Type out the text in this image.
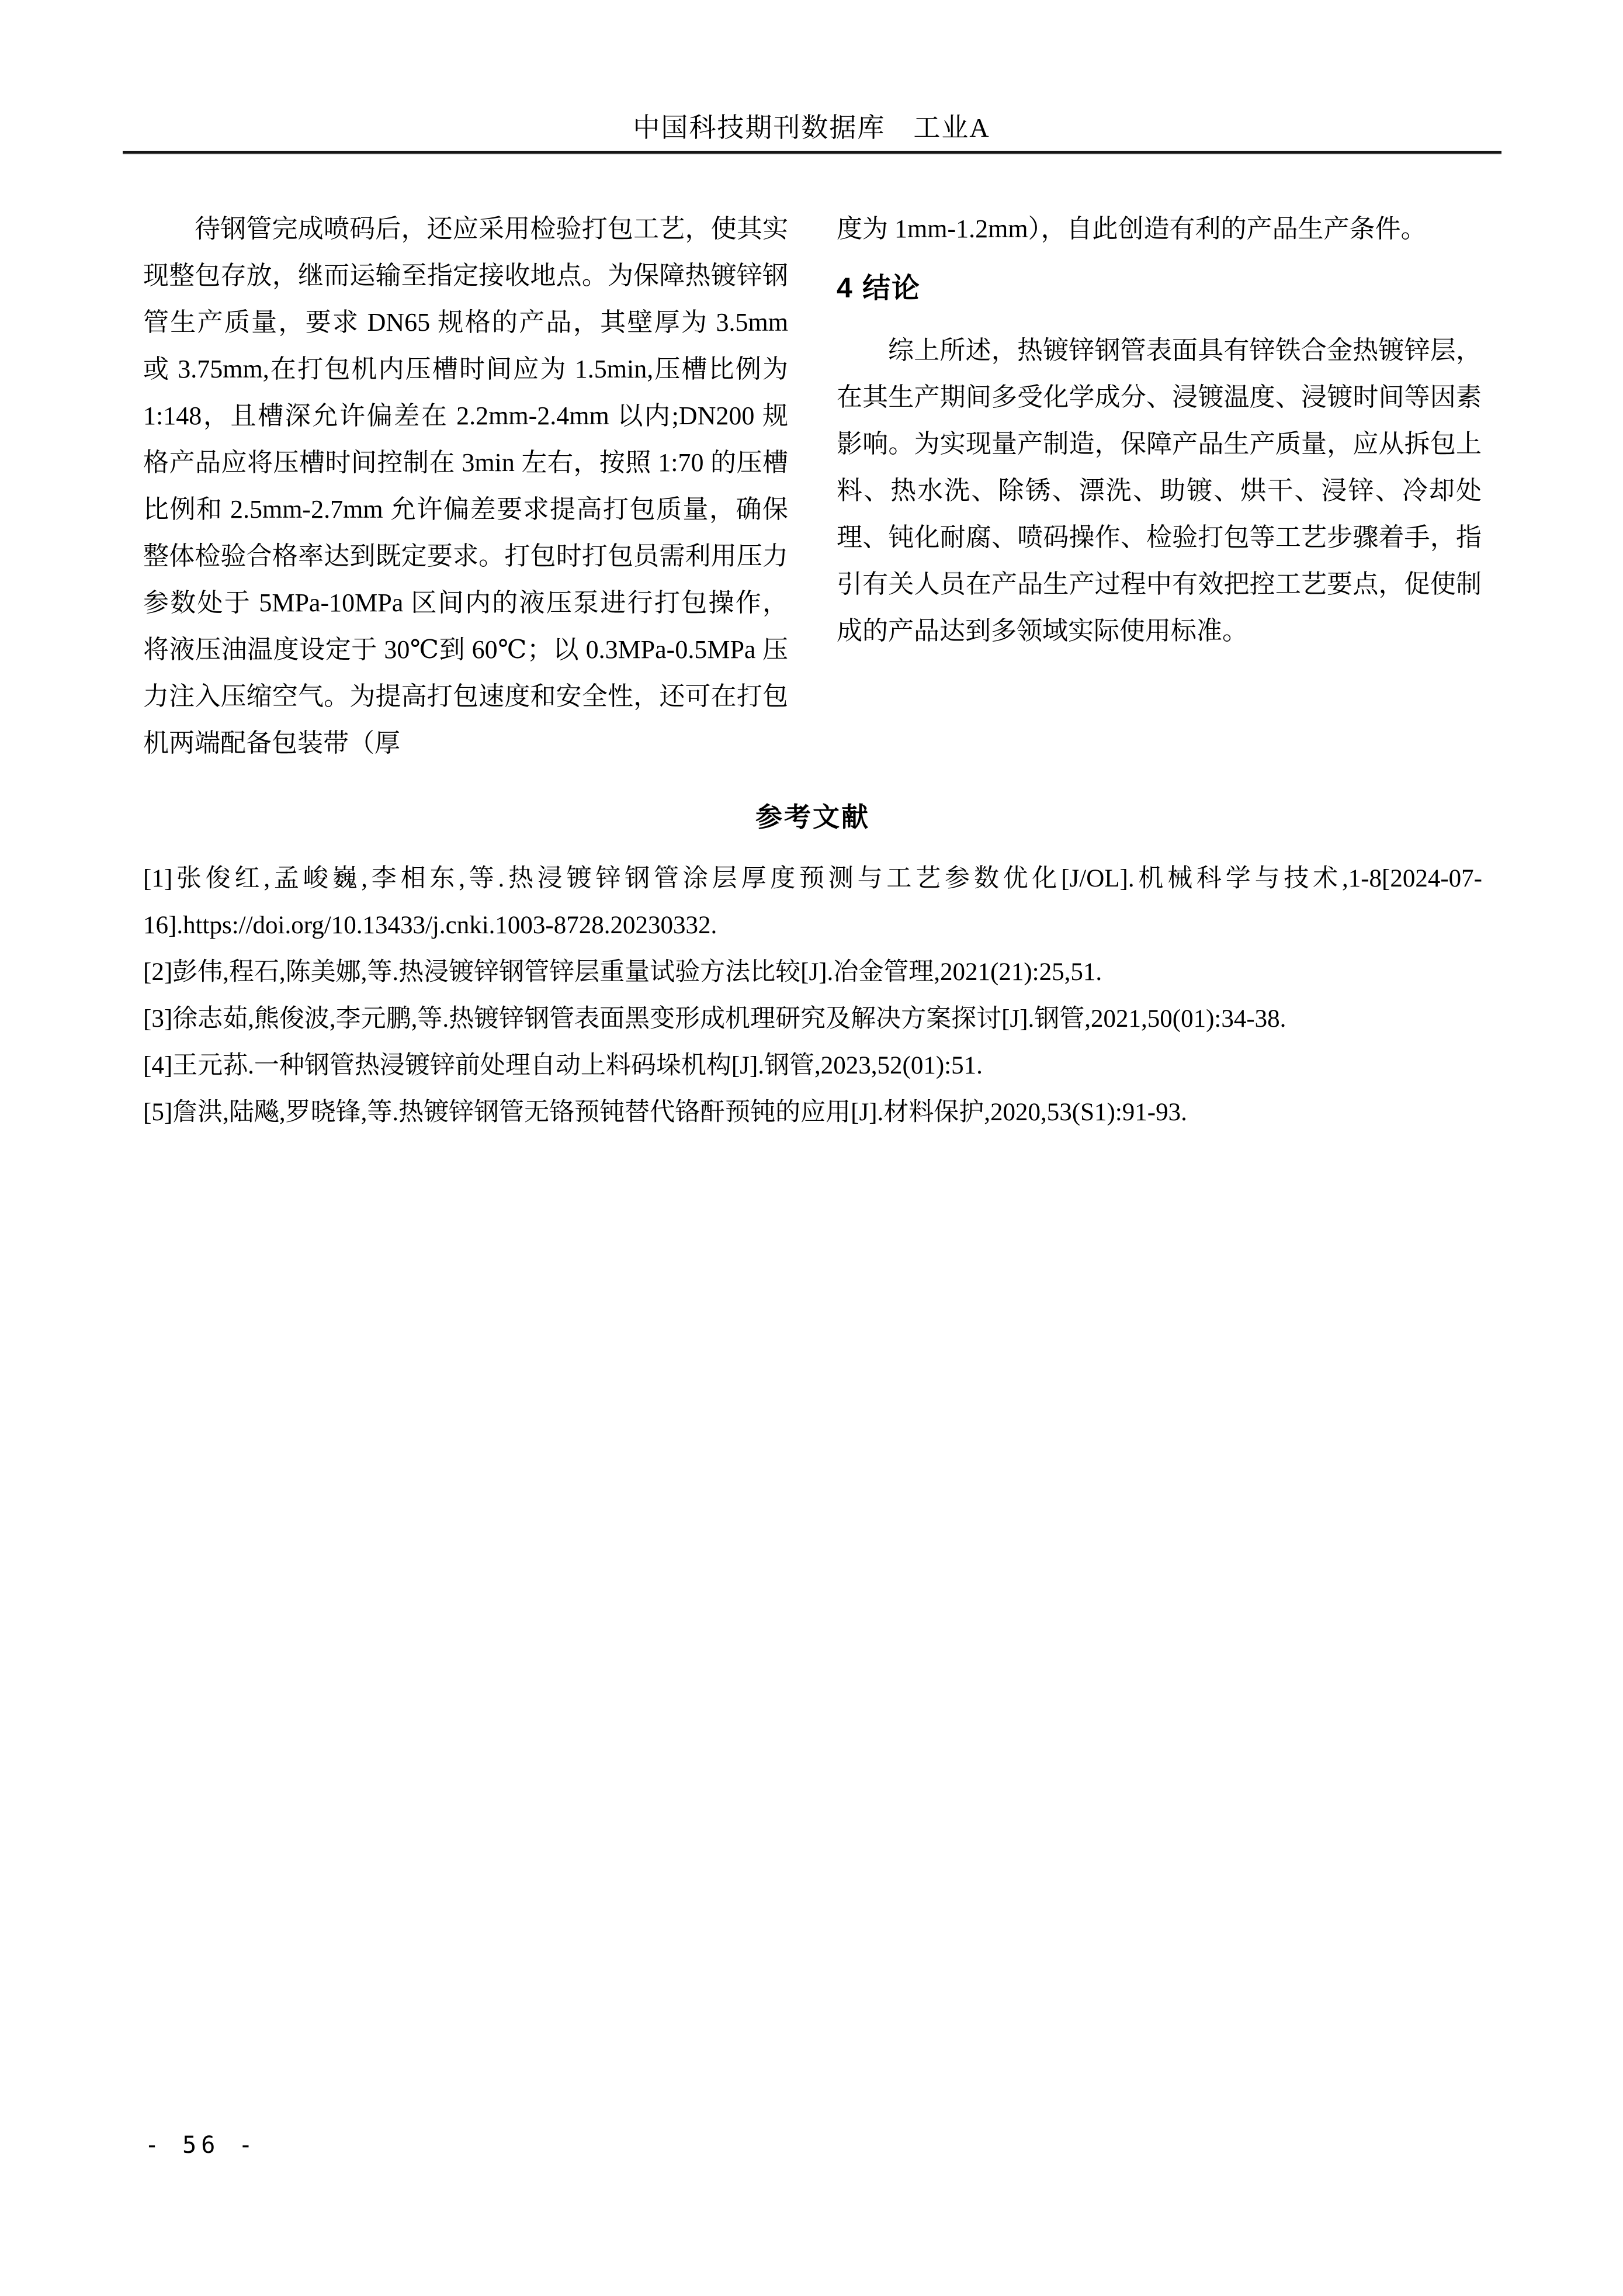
中国科技期刊数据库　工业A
待钢管完成喷码后，还应采用检验打包工艺，使其实现整包存放，继而运输至指定接收地点。为保障热镀锌钢管生产质量，要求 DN65 规格的产品，其壁厚为 3.5mm 或 3.75mm,在打包机内压槽时间应为 1.5min,压槽比例为 1:148，且槽深允许偏差在 2.2mm-2.4mm 以内;DN200 规格产品应将压槽时间控制在 3min 左右，按照 1:70 的压槽比例和 2.5mm-2.7mm 允许偏差要求提高打包质量，确保整体检验合格率达到既定要求。打包时打包员需利用压力参数处于 5MPa-10MPa 区间内的液压泵进行打包操作，将液压油温度设定于 30℃到 60℃；以 0.3MPa-0.5MPa 压力注入压缩空气。为提高打包速度和安全性，还可在打包机两端配备包装带（厚
度为 1mm-1.2mm），自此创造有利的产品生产条件。
4 结论
综上所述，热镀锌钢管表面具有锌铁合金热镀锌层，在其生产期间多受化学成分、浸镀温度、浸镀时间等因素影响。为实现量产制造，保障产品生产质量，应从拆包上料、热水洗、除锈、漂洗、助镀、烘干、浸锌、冷却处理、钝化耐腐、喷码操作、检验打包等工艺步骤着手，指引有关人员在产品生产过程中有效把控工艺要点，促使制成的产品达到多领域实际使用标准。
参考文献
[1]张俊红,孟峻巍,李相东,等.热浸镀锌钢管涂层厚度预测与工艺参数优化[J/OL].机械科学与技术,1-8[2024-07-16].https://doi.org/10.13433/j.cnki.1003-8728.20230332.
[2]彭伟,程石,陈美娜,等.热浸镀锌钢管锌层重量试验方法比较[J].冶金管理,2021(21):25,51.
[3]徐志茹,熊俊波,李元鹏,等.热镀锌钢管表面黑变形成机理研究及解决方案探讨[J].钢管,2021,50(01):34-38.
[4]王元荪.一种钢管热浸镀锌前处理自动上料码垛机构[J].钢管,2023,52(01):51.
[5]詹洪,陆飚,罗晓锋,等.热镀锌钢管无铬预钝替代铬酐预钝的应用[J].材料保护,2020,53(S1):91-93.
- 56 -
